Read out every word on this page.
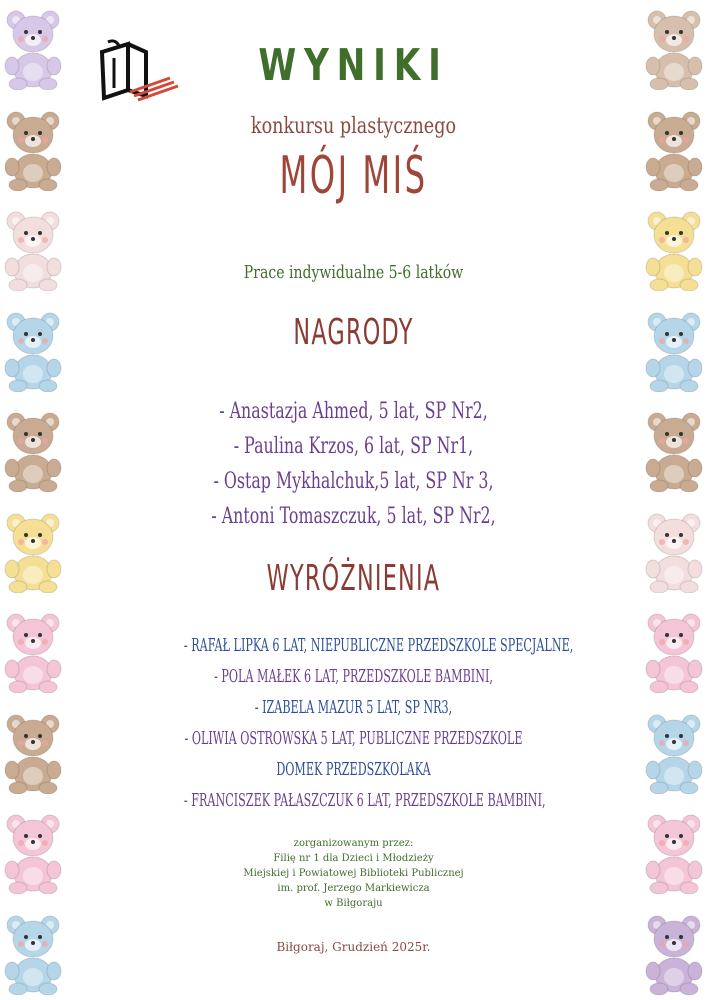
WYNIKI
konkursu plastycznego
MÓJ MIŚ
Prace indywidualne 5-6 latków
NAGRODY
- Anastazja Ahmed, 5 lat, SP Nr2,
- Paulina Krzos, 6 lat, SP Nr1,
- Ostap Mykhalchuk,5 lat, SP Nr 3,
- Antoni Tomaszczuk, 5 lat, SP Nr2,
WYRÓŻNIENIA
- RAFAŁ LIPKA 6 LAT, NIEPUBLICZNE PRZEDSZKOLE SPECJALNE,
- POLA MAŁEK 6 LAT, PRZEDSZKOLE BAMBINI,
- IZABELA MAZUR 5 LAT, SP NR3,
- OLIWIA OSTROWSKA 5 LAT, PUBLICZNE PRZEDSZKOLE
DOMEK PRZEDSZKOLAKA
- FRANCISZEK PAŁASZCZUK 6 LAT, PRZEDSZKOLE BAMBINI,
zorganizowanym przez:
Filię nr 1 dla Dzieci i Młodzieży
Miejskiej i Powiatowej Biblioteki Publicznej
im. prof. Jerzego Markiewicza
w Biłgoraju
Biłgoraj, Grudzień 2025r.
